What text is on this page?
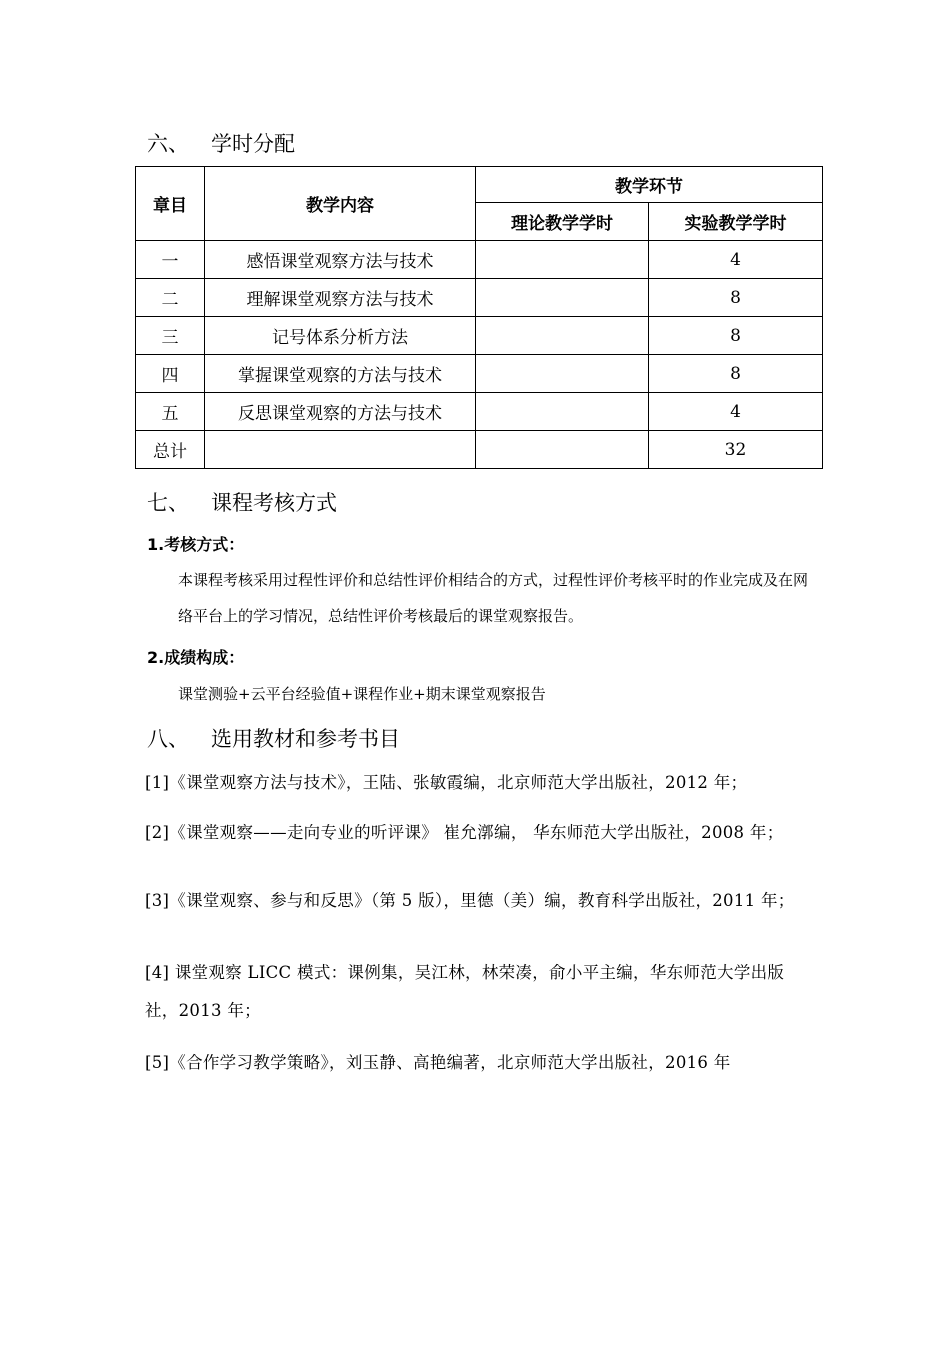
六、 学时分配
章目	教学内容	教学环节	
		理论教学学时	实验教学学时
一	感悟课堂观察方法与技术		4
二	理解课堂观察方法与技术		8
三	记号体系分析方法		8
四	掌握课堂观察的方法与技术		8
五	反思课堂观察的方法与技术		4
总计			32
七、 课程考核方式
1.考核方式：
本课程考核采用过程性评价和总结性评价相结合的方式，过程性评价考核平时的作业完成及在网络平台上的学习情况，总结性评价考核最后的课堂观察报告。
2.成绩构成：
课堂测验+云平台经验值+课程作业+期末课堂观察报告
八、 选用教材和参考书目
[1]《课堂观察方法与技术》，王陆、张敏霞编，北京师范大学出版社，2012 年；
[2]《课堂观察——走向专业的听评课》 崔允漷编， 华东师范大学出版社，2008 年；
[3]《课堂观察、参与和反思》（第 5 版），里德（美）编，教育科学出版社，2011 年；
[4] 课堂观察 LICC 模式：课例集，吴江林，林荣凑，俞小平主编，华东师范大学出版社，2013 年；
[5]《合作学习教学策略》，刘玉静、高艳编著，北京师范大学出版社，2016 年
